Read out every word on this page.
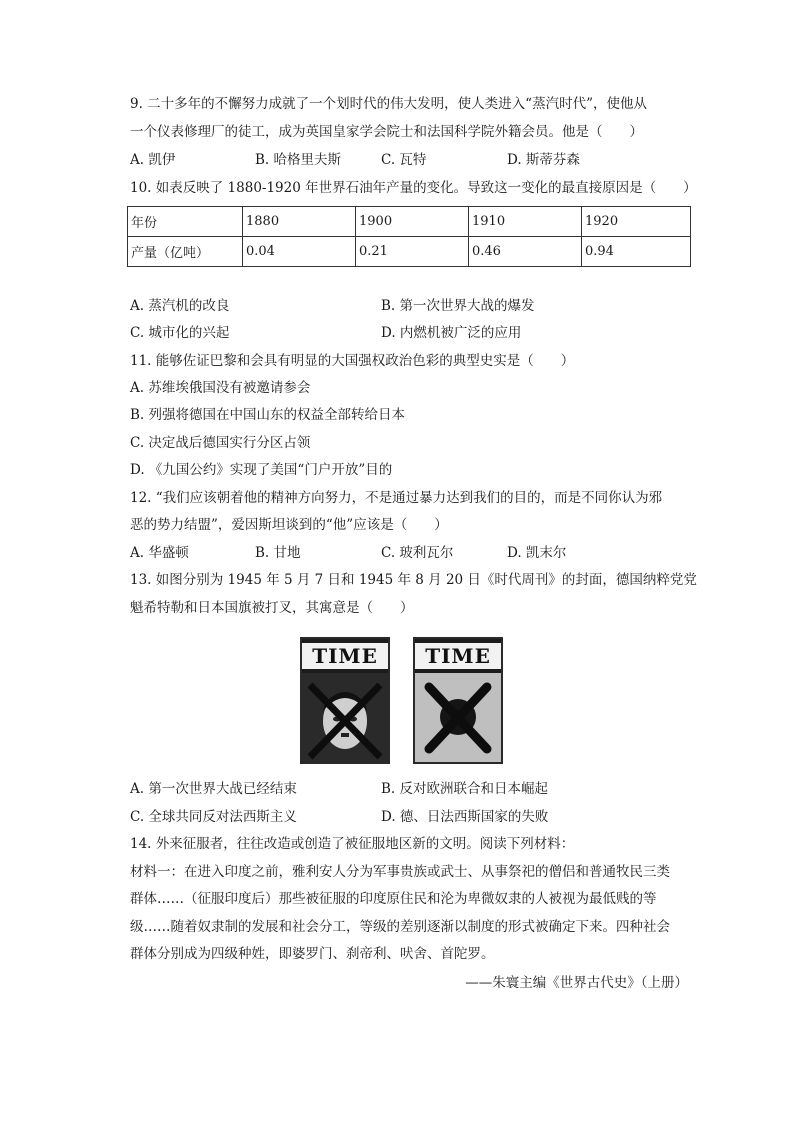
9. 二十多年的不懈努力成就了一个划时代的伟大发明，使人类进入“蒸汽时代”，使他从
一个仪表修理厂的徒工，成为英国皇家学会院士和法国科学院外籍会员。他是（　　）
A. 凯伊	B. 哈格里夫斯	C. 瓦特	D. 斯蒂芬森
10. 如表反映了 1880-1920 年世界石油年产量的变化。导致这一变化的最直接原因是（　　）
年份	1880	1900	1910	1920
产量（亿吨）	0.04	0.21	0.46	0.94
A. 蒸汽机的改良	B. 第一次世界大战的爆发
C. 城市化的兴起	D. 内燃机被广泛的应用
11. 能够佐证巴黎和会具有明显的大国强权政治色彩的典型史实是（　　）
A. 苏维埃俄国没有被邀请参会
B. 列强将德国在中国山东的权益全部转给日本
C. 决定战后德国实行分区占领
D. 《九国公约》实现了美国“门户开放”目的
12. “我们应该朝着他的精神方向努力，不是通过暴力达到我们的目的，而是不同你认为邪
恶的势力结盟”，爱因斯坦谈到的“他”应该是（　　）
A. 华盛顿	B. 甘地	C. 玻利瓦尔	D. 凯末尔
13. 如图分别为 1945 年 5 月 7 日和 1945 年 8 月 20 日《时代周刊》的封面，德国纳粹党党
魁希特勒和日本国旗被打叉，其寓意是（　　）
TIME	TIME
A. 第一次世界大战已经结束	B. 反对欧洲联合和日本崛起
C. 全球共同反对法西斯主义	D. 德、日法西斯国家的失败
14. 外来征服者，往往改造或创造了被征服地区新的文明。阅读下列材料：
材料一：在进入印度之前，雅利安人分为军事贵族或武士、从事祭祀的僧侣和普通牧民三类
群体……（征服印度后）那些被征服的印度原住民和沦为卑微奴隶的人被视为最低贱的等
级……随着奴隶制的发展和社会分工，等级的差别逐渐以制度的形式被确定下来。四种社会
群体分别成为四级种姓，即婆罗门、刹帝利、吠舍、首陀罗。
——朱寰主编《世界古代史》（上册）
